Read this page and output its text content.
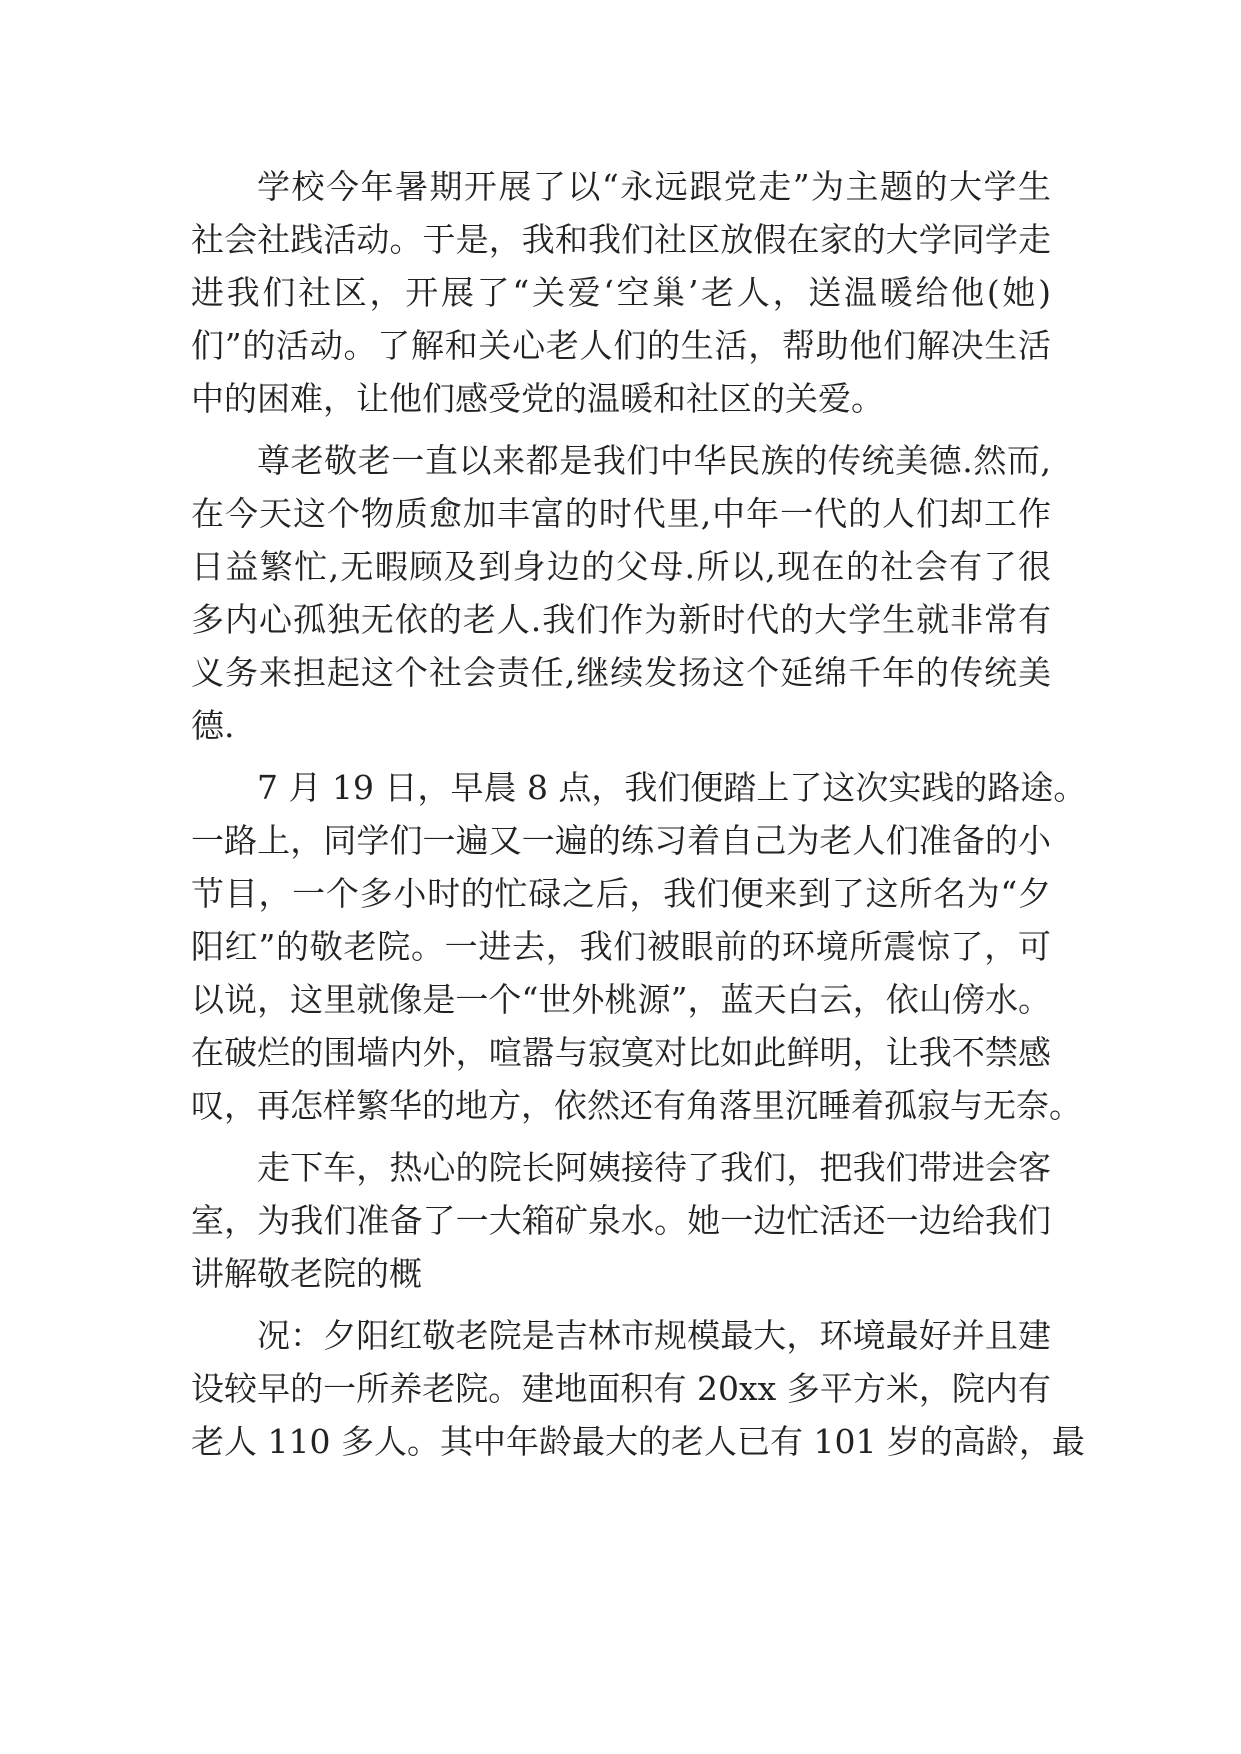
学校今年暑期开展了以“永远跟党走”为主题的大学生
社会社践活动。于是，我和我们社区放假在家的大学同学走
进我们社区，开展了“关爱‘空巢’老人，送温暖给他(她)
们”的活动。了解和关心老人们的生活，帮助他们解决生活
中的困难，让他们感受党的温暖和社区的关爱。
尊老敬老一直以来都是我们中华民族的传统美德.然而,
在今天这个物质愈加丰富的时代里,中年一代的人们却工作
日益繁忙,无暇顾及到身边的父母.所以,现在的社会有了很
多内心孤独无依的老人.我们作为新时代的大学生就非常有
义务来担起这个社会责任,继续发扬这个延绵千年的传统美
德.
7 月 19 日，早晨 8 点，我们便踏上了这次实践的路途。
一路上，同学们一遍又一遍的练习着自己为老人们准备的小
节目，一个多小时的忙碌之后，我们便来到了这所名为“夕
阳红”的敬老院。一进去，我们被眼前的环境所震惊了，可
以说，这里就像是一个“世外桃源”，蓝天白云，依山傍水。
在破烂的围墙内外，喧嚣与寂寞对比如此鲜明，让我不禁感
叹，再怎样繁华的地方，依然还有角落里沉睡着孤寂与无奈。
走下车，热心的院长阿姨接待了我们，把我们带进会客
室，为我们准备了一大箱矿泉水。她一边忙活还一边给我们
讲解敬老院的概
况：夕阳红敬老院是吉林市规模最大，环境最好并且建
设较早的一所养老院。建地面积有 20xx 多平方米，院内有
老人 110 多人。其中年龄最大的老人已有 101 岁的高龄，最
